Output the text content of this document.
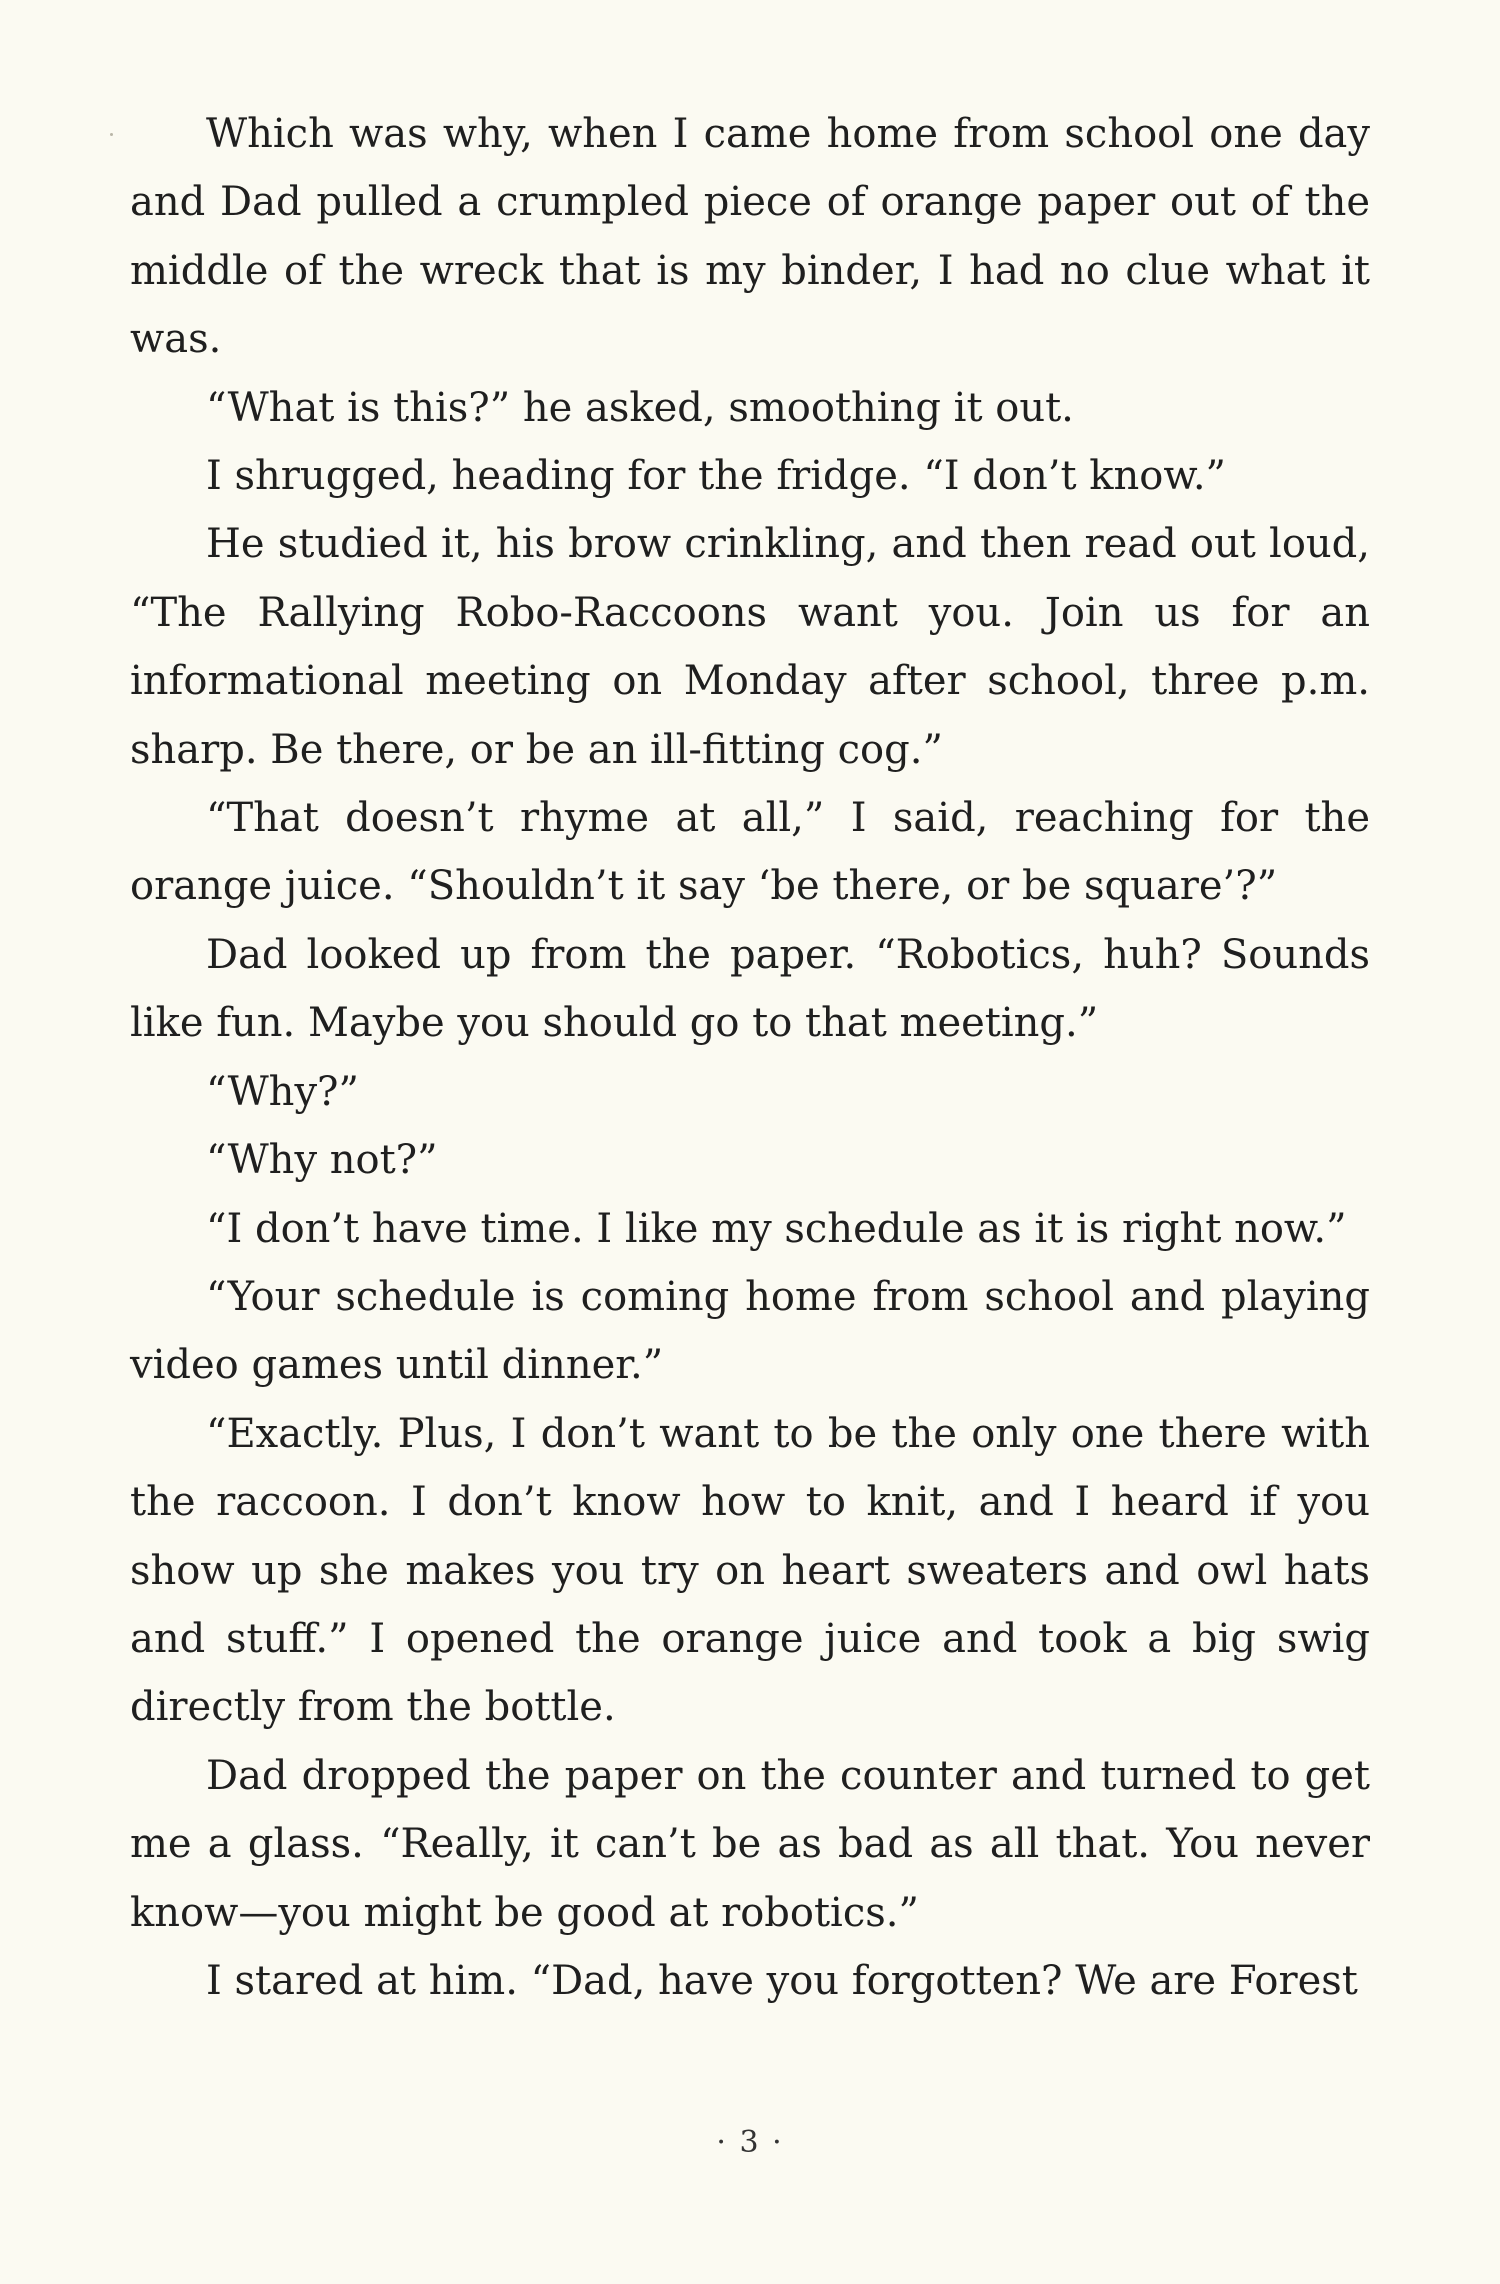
Which was why, when I came home from school one day and Dad pulled a crumpled piece of orange paper out of the middle of the wreck that is my binder, I had no clue what it was.

“What is this?” he asked, smoothing it out.

I shrugged, heading for the fridge. “I don’t know.”

He studied it, his brow crinkling, and then read out loud, “The Rallying Robo-Raccoons want you. Join us for an informational meeting on Monday after school, three p.m. sharp. Be there, or be an ill-fitting cog.”

“That doesn’t rhyme at all,” I said, reaching for the orange juice. “Shouldn’t it say ‘be there, or be square’?”

Dad looked up from the paper. “Robotics, huh? Sounds like fun. Maybe you should go to that meeting.”

“Why?”

“Why not?”

“I don’t have time. I like my schedule as it is right now.”

“Your schedule is coming home from school and playing video games until dinner.”

“Exactly. Plus, I don’t want to be the only one there with the raccoon. I don’t know how to knit, and I heard if you show up she makes you try on heart sweaters and owl hats and stuff.” I opened the orange juice and took a big swig directly from the bottle.

Dad dropped the paper on the counter and turned to get me a glass. “Really, it can’t be as bad as all that. You never know—you might be good at robotics.”

I stared at him. “Dad, have you forgotten? We are Forest

· 3 ·
